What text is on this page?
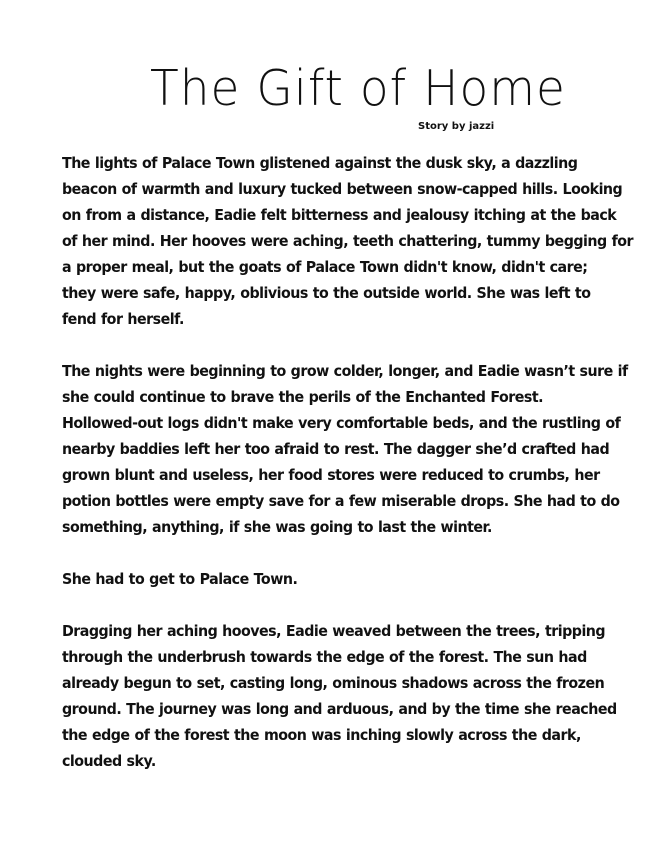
The Gift of Home
Story by jazzi

The lights of Palace Town glistened against the dusk sky, a dazzling
beacon of warmth and luxury tucked between snow-capped hills. Looking
on from a distance, Eadie felt bitterness and jealousy itching at the back
of her mind. Her hooves were aching, teeth chattering, tummy begging for
a proper meal, but the goats of Palace Town didn't know, didn't care;
they were safe, happy, oblivious to the outside world. She was left to
fend for herself.

The nights were beginning to grow colder, longer, and Eadie wasn’t sure if
she could continue to brave the perils of the Enchanted Forest.
Hollowed-out logs didn't make very comfortable beds, and the rustling of
nearby baddies left her too afraid to rest. The dagger she’d crafted had
grown blunt and useless, her food stores were reduced to crumbs, her
potion bottles were empty save for a few miserable drops. She had to do
something, anything, if she was going to last the winter.

She had to get to Palace Town.

Dragging her aching hooves, Eadie weaved between the trees, tripping
through the underbrush towards the edge of the forest. The sun had
already begun to set, casting long, ominous shadows across the frozen
ground. The journey was long and arduous, and by the time she reached
the edge of the forest the moon was inching slowly across the dark,
clouded sky.
